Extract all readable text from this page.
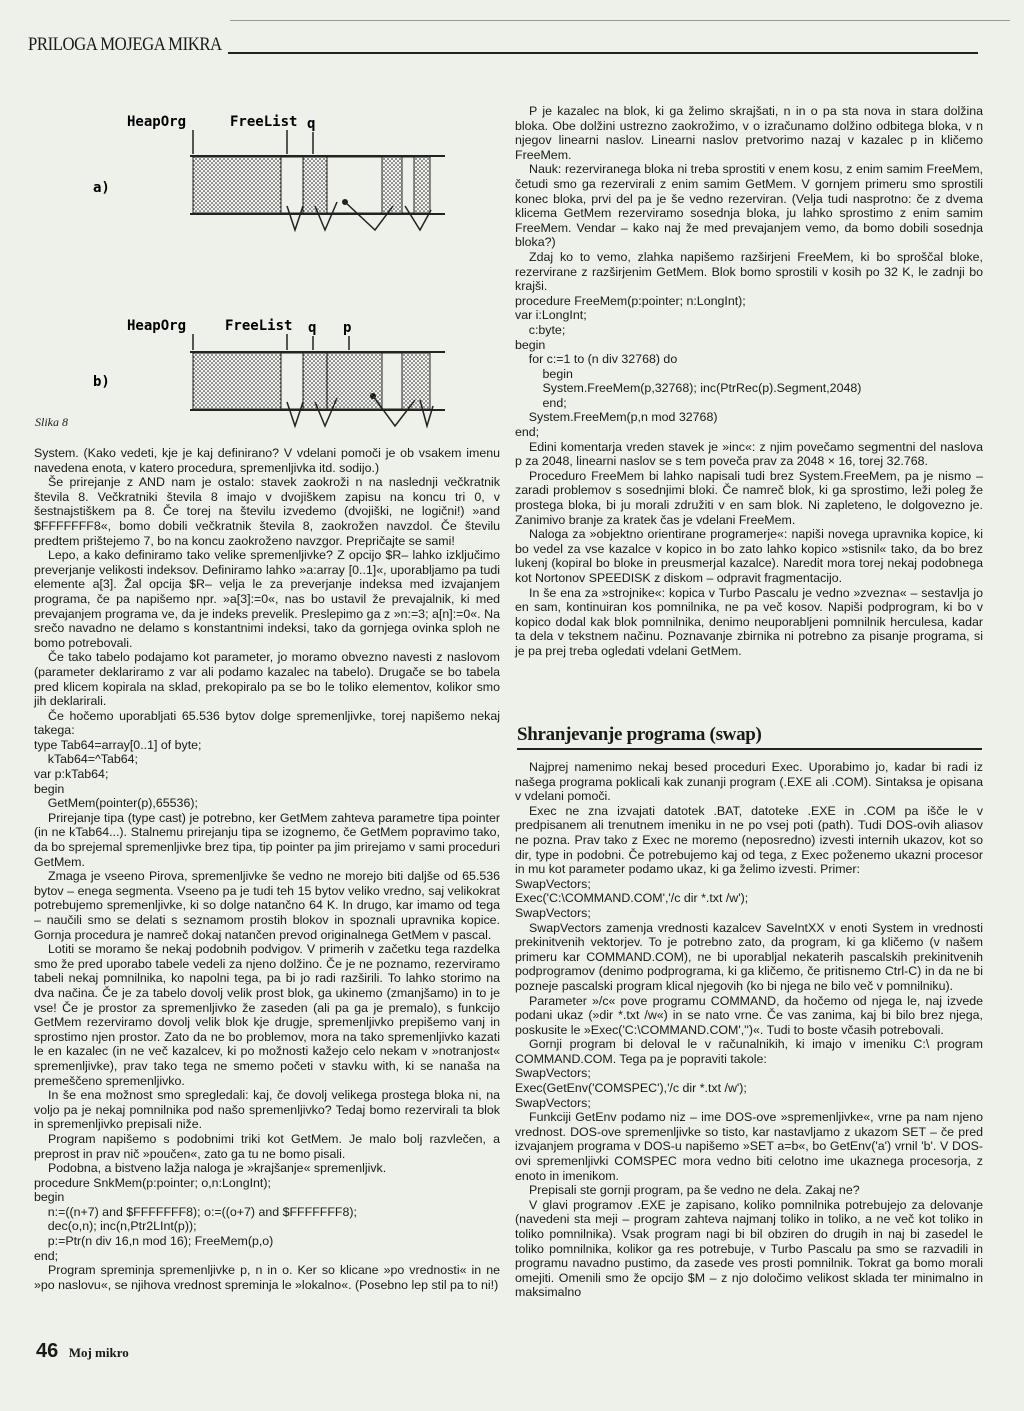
PRILOGA MOJEGA MIKRA
HeapOrg	FreeList q
a)
HeapOrg	FreeList q p
b)
Slika 8

System. (Kako vedeti, kje je kaj definirano? V vdelani pomoči je ob vsakem imenu navedena enota, v katero procedura, spremenljivka itd. sodijo.)

Še prirejanje z AND nam je ostalo: stavek zaokroži n na naslednji večkratnik števila 8. Večkratniki števila 8 imajo v dvojiškem zapisu na koncu tri 0, v šestnajstiškem pa 8. Če torej na številu izvedemo (dvojiški, ne logični!) »and $FFFFFFF8«, bomo dobili večkratnik števila 8, zaokrožen navzdol. Če številu predtem prištejemo 7, bo na koncu zaokroženo navzgor. Prepričajte se sami!

Lepo, a kako definiramo tako velike spremenljivke? Z opcijo $R– lahko izključimo preverjanje velikosti indeksov. Definiramo lahko »a:array [0..1]«, uporabljamo pa tudi elemente a[3]. Žal opcija $R– velja le za preverjanje indeksa med izvajanjem programa, če pa napišemo npr. »a[3]:=0«, nas bo ustavil že prevajalnik, ki med prevajanjem programa ve, da je indeks prevelik. Preslepimo ga z »n:=3; a[n]:=0«. Na srečo navadno ne delamo s konstantnimi indeksi, tako da gornjega ovinka sploh ne bomo potrebovali.

Če tako tabelo podajamo kot parameter, jo moramo obvezno navesti z naslovom (parameter deklariramo z var ali podamo kazalec na tabelo). Drugače se bo tabela pred klicem kopirala na sklad, prekopiralo pa se bo le toliko elementov, kolikor smo jih deklarirali.

Če hočemo uporabljati 65.536 bytov dolge spremenljivke, torej napišemo nekaj takega:

type Tab64=array[0..1] of byte;
kTab64=^Tab64;
var p:kTab64;
begin
GetMem(pointer(p),65536);

Prirejanje tipa (type cast) je potrebno, ker GetMem zahteva parametre tipa pointer (in ne kTab64...). Stalnemu prirejanju tipa se izognemo, če GetMem popravimo tako, da bo sprejemal spremenljivke brez tipa, tip pointer pa jim prirejamo v sami proceduri GetMem.

Zmaga je vseeno Pirova, spremenljivke še vedno ne morejo biti daljše od 65.536 bytov – enega segmenta. Vseeno pa je tudi teh 15 bytov veliko vredno, saj velikokrat potrebujemo spremenljivke, ki so dolge natančno 64 K. In drugo, kar imamo od tega – naučili smo se delati s seznamom prostih blokov in spoznali upravnika kopice. Gornja procedura je namreč dokaj natančen prevod originalnega GetMem v pascal.

Lotiti se moramo še nekaj podobnih podvigov. V primerih v začetku tega razdelka smo že pred uporabo tabele vedeli za njeno dolžino. Če je ne poznamo, rezerviramo tabeli nekaj pomnilnika, ko napolni tega, pa bi jo radi razširili. To lahko storimo na dva načina. Če je za tabelo dovolj velik prost blok, ga ukinemo (zmanjšamo) in to je vse! Če je prostor za spremenljivko že zaseden (ali pa ga je premalo), s funkcijo GetMem rezerviramo dovolj velik blok kje drugje, spremenljivko prepišemo vanj in sprostimo njen prostor. Zato da ne bo problemov, mora na tako spremenljivko kazati le en kazalec (in ne več kazalcev, ki po možnosti kažejo celo nekam v »notranjost« spremenljivke), prav tako tega ne smemo početi v stavku with, ki se nanaša na premeščeno spremenljivko.

In še ena možnost smo spregledali: kaj, če dovolj velikega prostega bloka ni, na voljo pa je nekaj pomnilnika pod našo spremenljivko? Tedaj bomo rezervirali ta blok in spremenljivko prepisali niže.

Program napišemo s podobnimi triki kot GetMem. Je malo bolj razvlečen, a preprost in prav nič »poučen«, zato ga tu ne bomo pisali.

Podobna, a bistveno lažja naloga je »krajšanje« spremenljivk.

procedure SnkMem(p:pointer; o,n:LongInt);
begin
n:=((n+7) and $FFFFFFF8); o:=((o+7) and $FFFFFFF8);
dec(o,n); inc(n,Ptr2LInt(p));
p:=Ptr(n div 16,n mod 16); FreeMem(p,o)
end;

Program spreminja spremenljivke p, n in o. Ker so klicane »po vrednosti« in ne »po naslovu«, se njihova vrednost spreminja le »lokalno«. (Posebno lep stil pa to ni!)

P je kazalec na blok, ki ga želimo skrajšati, n in o pa sta nova in stara dolžina bloka. Obe dolžini ustrezno zaokrožimo, v o izračunamo dolžino odbitega bloka, v n njegov linearni naslov. Linearni naslov pretvorimo nazaj v kazalec p in kličemo FreeMem.

Nauk: rezerviranega bloka ni treba sprostiti v enem kosu, z enim samim FreeMem, četudi smo ga rezervirali z enim samim GetMem. V gornjem primeru smo sprostili konec bloka, prvi del pa je še vedno rezerviran. (Velja tudi nasprotno: če z dvema klicema GetMem rezerviramo sosednja bloka, ju lahko sprostimo z enim samim FreeMem. Vendar – kako naj že med prevajanjem vemo, da bomo dobili sosednja bloka?)

Zdaj ko to vemo, zlahka napišemo razširjeni FreeMem, ki bo sproščal bloke, rezervirane z razširjenim GetMem. Blok bomo sprostili v kosih po 32 K, le zadnji bo krajši.

procedure FreeMem(p:pointer; n:LongInt);
var i:LongInt;
c:byte;
begin
for c:=1 to (n div 32768) do
begin
System.FreeMem(p,32768); inc(PtrRec(p).Segment,2048)
end;
System.FreeMem(p,n mod 32768)
end;

Edini komentarja vreden stavek je »inc«: z njim povečamo segmentni del naslova p za 2048, linearni naslov se s tem poveča prav za 2048 × 16, torej 32.768.

Proceduro FreeMem bi lahko napisali tudi brez System.FreeMem, pa je nismo – zaradi problemov s sosednjimi bloki. Če namreč blok, ki ga sprostimo, leži poleg že prostega bloka, bi ju morali združiti v en sam blok. Ni zapleteno, le dolgovezno je. Zanimivo branje za kratek čas je vdelani FreeMem.

Naloga za »objektno orientirane programerje«: napiši novega upravnika kopice, ki bo vedel za vse kazalce v kopico in bo zato lahko kopico »stisnil« tako, da bo brez lukenj (kopiral bo bloke in preusmerjal kazalce). Naredit mora torej nekaj podobnega kot Nortonov SPEEDISK z diskom – odpravit fragmentacijo.

In še ena za »strojnike«: kopica v Turbo Pascalu je vedno »zvezna« – sestavlja jo en sam, kontinuiran kos pomnilnika, ne pa več kosov. Napiši podprogram, ki bo v kopico dodal kak blok pomnilnika, denimo neuporabljeni pomnilnik herculesa, kadar ta dela v tekstnem načinu. Poznavanje zbirnika ni potrebno za pisanje programa, si je pa prej treba ogledati vdelani GetMem.

Shranjevanje programa (swap)

Najprej namenimo nekaj besed proceduri Exec. Uporabimo jo, kadar bi radi iz našega programa poklicali kak zunanji program (.EXE ali .COM). Sintaksa je opisana v vdelani pomoči.

Exec ne zna izvajati datotek .BAT, datoteke .EXE in .COM pa išče le v predpisanem ali trenutnem imeniku in ne po vsej poti (path). Tudi DOS-ovih aliasov ne pozna. Prav tako z Exec ne moremo (neposredno) izvesti internih ukazov, kot so dir, type in podobni. Če potrebujemo kaj od tega, z Exec poženemo ukazni procesor in mu kot parameter podamo ukaz, ki ga želimo izvesti. Primer:

SwapVectors;
Exec('C:\COMMAND.COM','/c dir *.txt /w');
SwapVectors;

SwapVectors zamenja vrednosti kazalcev SaveIntXX v enoti System in vrednosti prekinitvenih vektorjev. To je potrebno zato, da program, ki ga kličemo (v našem primeru kar COMMAND.COM), ne bi uporabljal nekaterih pascalskih prekinitvenih podprogramov (denimo podprograma, ki ga kličemo, če pritisnemo Ctrl-C) in da ne bi pozneje pascalski program klical njegovih (ko bi njega ne bilo več v pomnilniku).

Parameter »/c« pove programu COMMAND, da hočemo od njega le, naj izvede podani ukaz (»dir *.txt /w«) in se nato vrne. Če vas zanima, kaj bi bilo brez njega, poskusite le »Exec('C:\COMMAND.COM','')«. Tudi to boste včasih potrebovali.

Gornji program bi deloval le v računalnikih, ki imajo v imeniku C:\ program COMMAND.COM. Tega pa je popraviti takole:

SwapVectors;
Exec(GetEnv('COMSPEC'),'/c dir *.txt /w');
SwapVectors;

Funkciji GetEnv podamo niz – ime DOS-ove »spremenljivke«, vrne pa nam njeno vrednost. DOS-ove spremenljivke so tisto, kar nastavljamo z ukazom SET – če pred izvajanjem programa v DOS-u napišemo »SET a=b«, bo GetEnv('a') vrnil 'b'. V DOS-ovi spremenljivki COMSPEC mora vedno biti celotno ime ukaznega procesorja, z enoto in imenikom.

Prepisali ste gornji program, pa še vedno ne dela. Zakaj ne?

V glavi programov .EXE je zapisano, koliko pomnilnika potrebujejo za delovanje (navedeni sta meji – program zahteva najmanj toliko in toliko, a ne več kot toliko in toliko pomnilnika). Vsak program nagi bi bil obziren do drugih in naj bi zasedel le toliko pomnilnika, kolikor ga res potrebuje, v Turbo Pascalu pa smo se razvadili in programu navadno pustimo, da zasede ves prosti pomnilnik. Tokrat ga bomo morali omejiti. Omenili smo že opcijo $M – z njo določimo velikost sklada ter minimalno in maksimalno

46 Moj mikro
